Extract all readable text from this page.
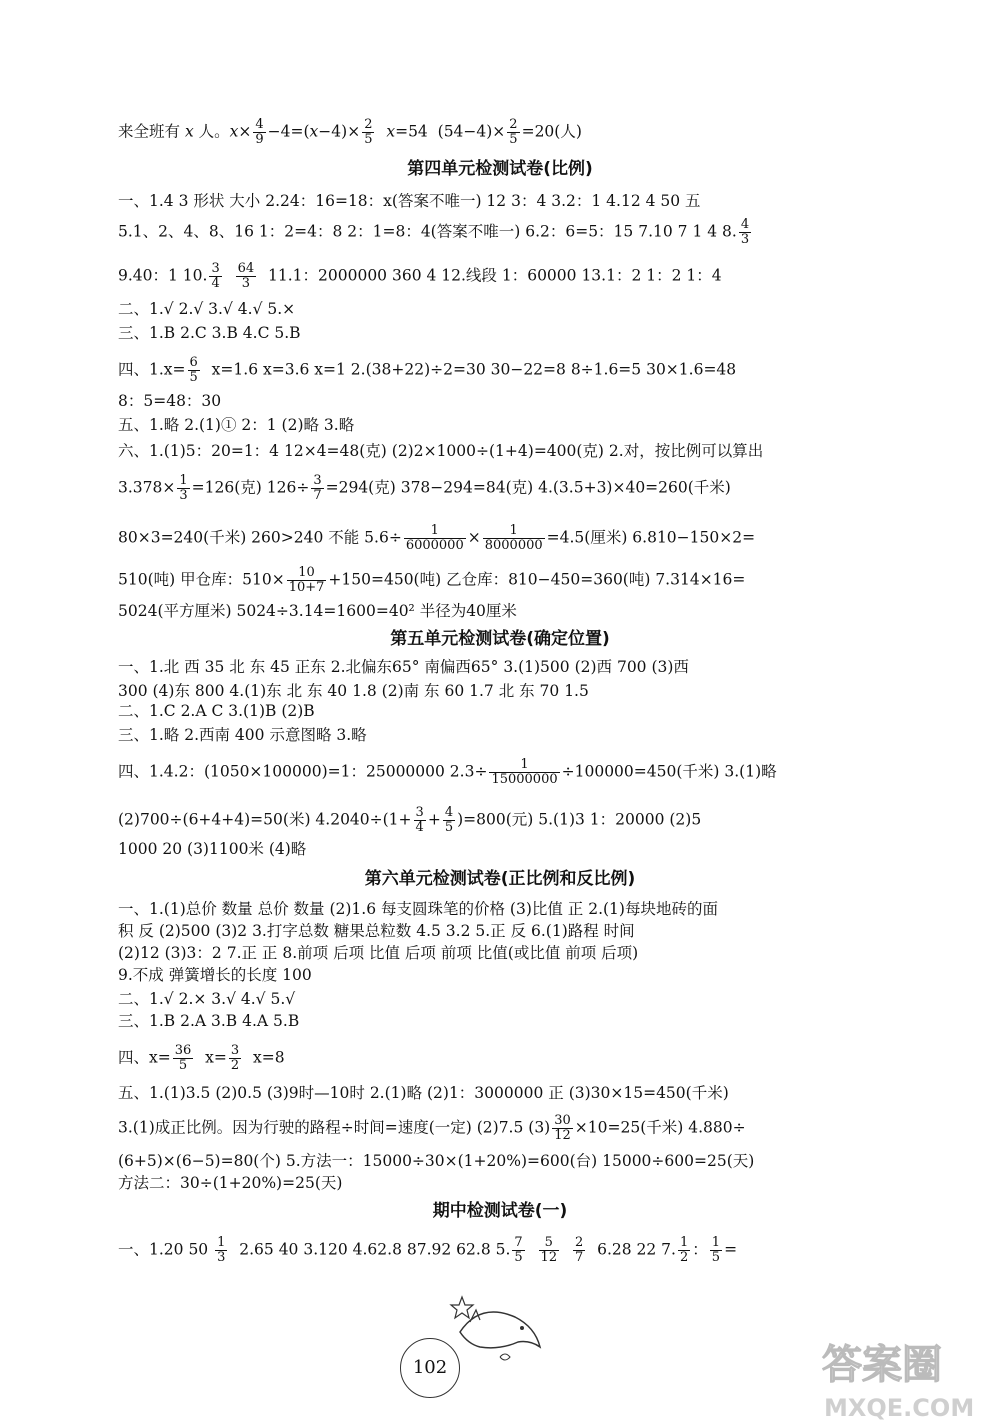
来全班有 x 人。$x\times \frac{4}{9} -4=(x-4)\times \frac{2}{5} x=54$  $(54-4)\times \frac{2}{5} =20$(人)
第四单元检测试卷(比例)
一、1.4 3 形状 大小 2.24：16=18：x(答案不唯一) 12 3：4 3.2：1 4.12 4 50 五
5.1、2、4、8、16 1：2=4：8 2：1=8：4(答案不唯一) 6.2：6=5：15 7.10 7 1 4 8. $\frac{4}{3}$
9.40：1 10. $\frac{3}{4}$
$\frac{64}{3} 11.1$：2000000 360 4 12.线段 1：60000 13.1：2 1：2 1：4
二、1.√ 2.√ 3.√ 4.√ 5.×
三、1.B 2.C 3.B 4.C 5.B
四、$1.x= \frac{6}{5} x=1.6$ x=3.6 x=1 2.(38+22)÷2=30 30−22=8 8÷1.6=5 30×1.6=48
8：5=48：30
五、1.略 2.(1)① 2：1 (2)略 3.略
六、1.(1)5：20=1：4 12×4=48(克) (2)2×1000÷(1+4)=400(克) 2.对，按比例可以算出
$3.378\times \frac{1}{3} =126$(克) $126\div \frac{3}{7} =294$(克) 378−294=84(克) 4.(3.5+3)×40=260(千米)
80×3=240(千米) 260>240 不能 $5.6\div \frac{1}{6000000} \times \frac{1}{8000000} =4.5$(厘米) 6.810−150×2=
510(吨) 甲仓库：$510\times \frac{10}{10+7} +150=450$(吨) 乙仓库：810−450=360(吨) 7.314×16=
5024(平方厘米) 5024÷3.14=1600=40² 半径为40厘米
第五单元检测试卷(确定位置)
一、1.北 西 35 北 东 45 正东 2.北偏东65° 南偏西65° 3.(1)500 (2)西 700 (3)西
300 (4)东 800 4.(1)东 北 东 40 1.8 (2)南 东 60 1.7 北 东 70 1.5
二、1.C 2.A C 3.(1)B (2)B
三、1.略 2.西南 400 示意图略 3.略
四、1.4.2：(1050×100000)=1：25000000 $2.3\div \frac{1}{15000000} \div 100000=450$(千米) 3.(1)略
(2)700÷(6+4+4)=50(米) $4.2040\div(1+ \frac{3}{4} + \frac{4}{5} )=800$(元) 5.(1)3 1：20000 (2)5
1000 20 (3)1100米 (4)略
第六单元检测试卷(正比例和反比例)
一、1.(1)总价 数量 总价 数量 (2)1.6 每支圆珠笔的价格 (3)比值 正 2.(1)每块地砖的面
积 反 (2)500 (3)2 3.打字总数 糖果总粒数 4.5 3.2 5.正 反 6.(1)路程 时间
(2)12 (3)3：2 7.正 正 8.前项 后项 比值 后项 前项 比值(或比值 前项 后项)
9.不成 弹簧增长的长度 100
二、1.√ 2.× 3.√ 4.√ 5.√
三、1.B 2.A 3.B 4.A 5.B
四、$x= \frac{36}{5} x= \frac{3}{2} x=8$
五、1.(1)3.5 (2)0.5 (3)9时—10时 2.(1)略 (2)1：3000000 正 (3)30×15=450(千米)
3.(1)成正比例。因为行驶的路程÷时间=速度(一定) (2)7.5 $(3) \frac{30}{12} \times 10=25$(千米) 4.880÷
(6+5)×(6−5)=80(个) 5.方法一：15000÷30×(1+20%)=600(台) 15000÷600=25(天)
方法二：30÷(1+20%)=25(天)
期中检测试卷(一)
一、1.20 $50 \frac{1}{3} 2.65$ 40 3.120 4.62.8 87.92 62.8 5. $\frac{7}{5}$
$\frac{5}{12}$
$\frac{2}{7} 6.28$ 22 7. $\frac{1}{2}$ ： $\frac{1}{5}$ =
102	答案圈
MXQE.COM
